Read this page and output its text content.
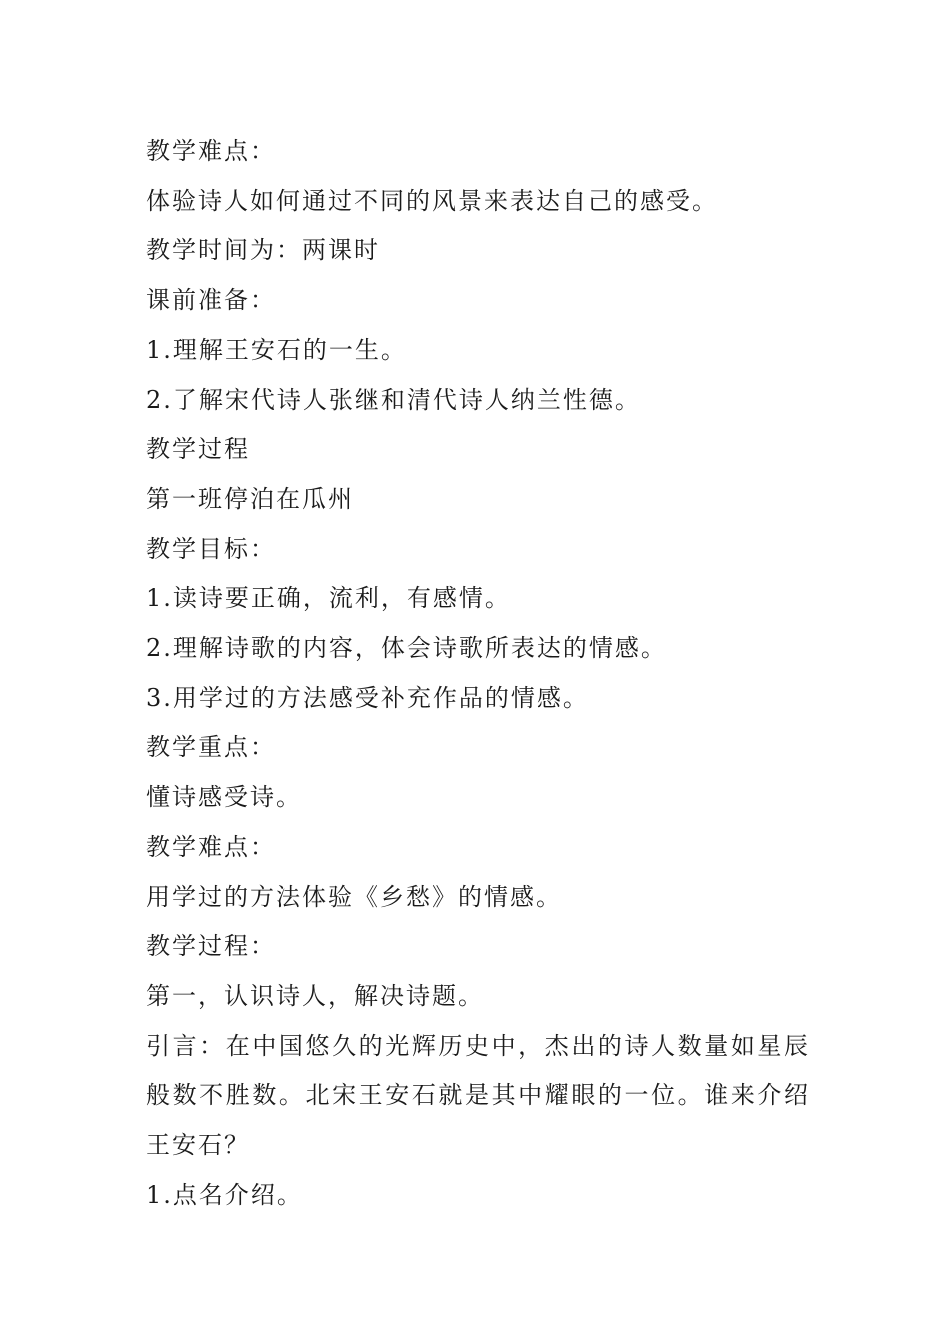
教学难点：
体验诗人如何通过不同的风景来表达自己的感受。
教学时间为：两课时
课前准备：
1.理解王安石的一生。
2.了解宋代诗人张继和清代诗人纳兰性德。
教学过程
第一班停泊在瓜州
教学目标：
1.读诗要正确，流利，有感情。
2.理解诗歌的内容，体会诗歌所表达的情感。
3.用学过的方法感受补充作品的情感。
教学重点：
懂诗感受诗。
教学难点：
用学过的方法体验《乡愁》的情感。
教学过程：
第一，认识诗人，解决诗题。
引言：在中国悠久的光辉历史中，杰出的诗人数量如星辰般数不胜数。北宋王安石就是其中耀眼的一位。谁来介绍王安石？
1.点名介绍。
